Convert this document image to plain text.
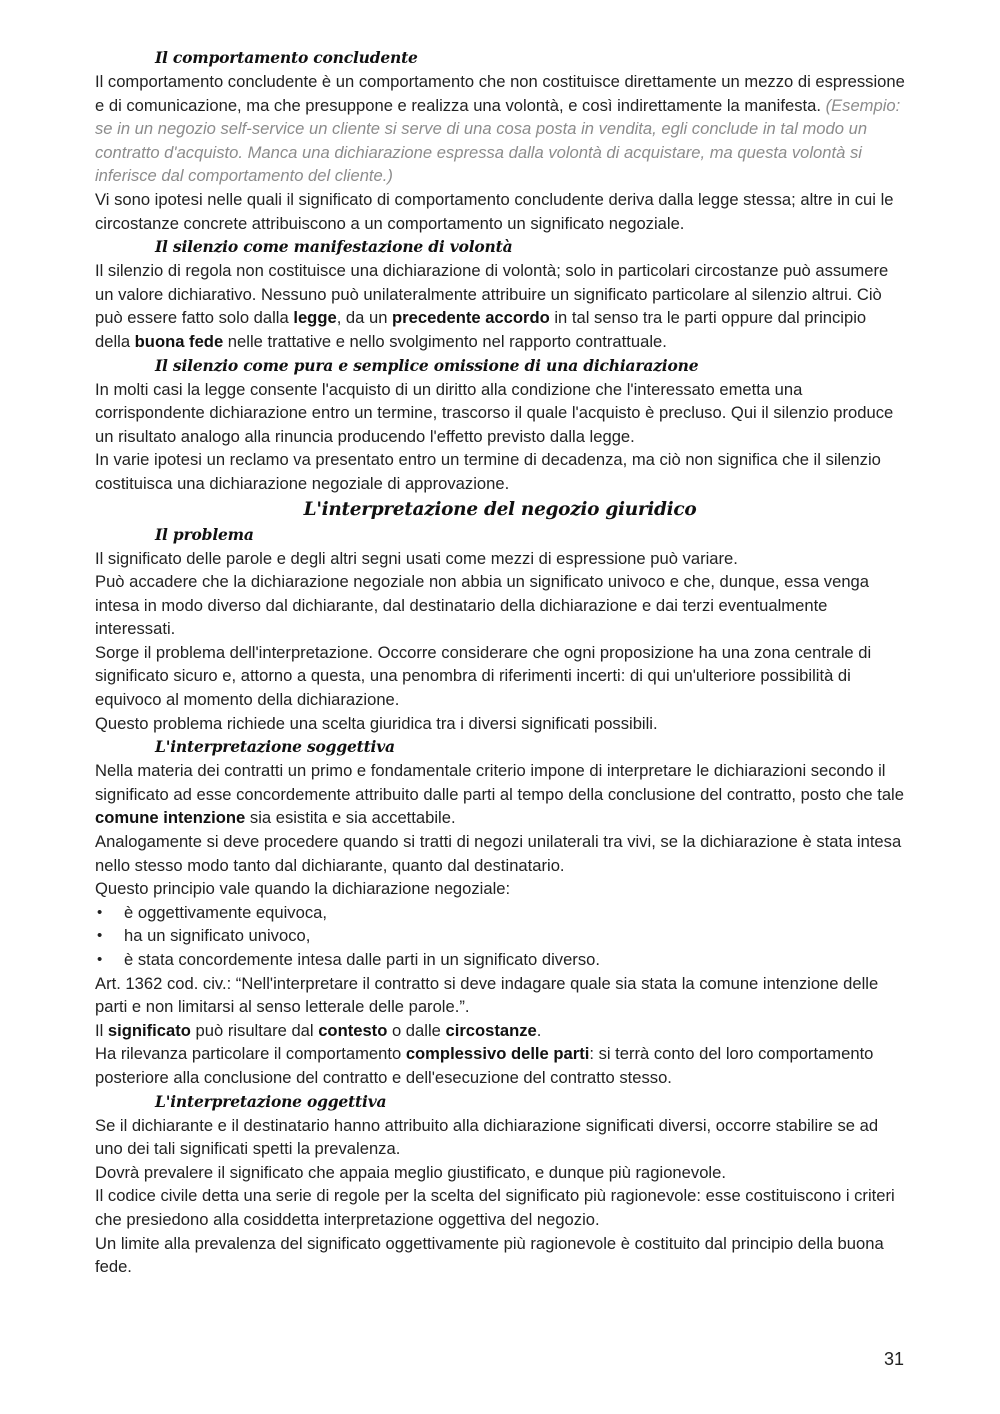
Il comportamento concludente

Il comportamento concludente è un comportamento che non costituisce direttamente un mezzo di espressione e di comunicazione, ma che presuppone e realizza una volontà, e così indirettamente la manifesta. (Esempio: se in un negozio self-service un cliente si serve di una cosa posta in vendita, egli conclude in tal modo un contratto d'acquisto. Manca una dichiarazione espressa dalla volontà di acquistare, ma questa volontà si inferisce dal comportamento del cliente.)

Vi sono ipotesi nelle quali il significato di comportamento concludente deriva dalla legge stessa; altre in cui le circostanze concrete attribuiscono a un comportamento un significato negoziale.

Il silenzio come manifestazione di volontà

Il silenzio di regola non costituisce una dichiarazione di volontà; solo in particolari circostanze può assumere un valore dichiarativo. Nessuno può unilateralmente attribuire un significato particolare al silenzio altrui. Ciò può essere fatto solo dalla legge, da un precedente accordo in tal senso tra le parti oppure dal principio della buona fede nelle trattative e nello svolgimento nel rapporto contrattuale.

Il silenzio come pura e semplice omissione di una dichiarazione

In molti casi la legge consente l'acquisto di un diritto alla condizione che l'interessato emetta una corrispondente dichiarazione entro un termine, trascorso il quale l'acquisto è precluso. Qui il silenzio produce un risultato analogo alla rinuncia producendo l'effetto previsto dalla legge.

In varie ipotesi un reclamo va presentato entro un termine di decadenza, ma ciò non significa che il silenzio costituisca una dichiarazione negoziale di approvazione.

L'interpretazione del negozio giuridico
Il problema

Il significato delle parole e degli altri segni usati come mezzi di espressione può variare.

Può accadere che la dichiarazione negoziale non abbia un significato univoco e che, dunque, essa venga intesa in modo diverso dal dichiarante, dal destinatario della dichiarazione e dai terzi eventualmente interessati.

Sorge il problema dell'interpretazione. Occorre considerare che ogni proposizione ha una zona centrale di significato sicuro e, attorno a questa, una penombra di riferimenti incerti: di qui un'ulteriore possibilità di equivoco al momento della dichiarazione.

Questo problema richiede una scelta giuridica tra i diversi significati possibili.

L'interpretazione soggettiva

Nella materia dei contratti un primo e fondamentale criterio impone di interpretare le dichiarazioni secondo il significato ad esse concordemente attribuito dalle parti al tempo della conclusione del contratto, posto che tale comune intenzione sia esistita e sia accettabile.

Analogamente si deve procedere quando si tratti di negozi unilaterali tra vivi, se la dichiarazione è stata intesa nello stesso modo tanto dal dichiarante, quanto dal destinatario.

Questo principio vale quando la dichiarazione negoziale:

• è oggettivamente equivoca,
• ha un significato univoco,
• è stata concordemente intesa dalle parti in un significato diverso.

Art. 1362 cod. civ.: “Nell'interpretare il contratto si deve indagare quale sia stata la comune intenzione delle parti e non limitarsi al senso letterale delle parole.”.

Il significato può risultare dal contesto o dalle circostanze.

Ha rilevanza particolare il comportamento complessivo delle parti: si terrà conto del loro comportamento posteriore alla conclusione del contratto e dell'esecuzione del contratto stesso.

L'interpretazione oggettiva

Se il dichiarante e il destinatario hanno attribuito alla dichiarazione significati diversi, occorre stabilire se ad uno dei tali significati spetti la prevalenza.

Dovrà prevalere il significato che appaia meglio giustificato, e dunque più ragionevole.

Il codice civile detta una serie di regole per la scelta del significato più ragionevole: esse costituiscono i criteri che presiedono alla cosiddetta interpretazione oggettiva del negozio.

Un limite alla prevalenza del significato oggettivamente più ragionevole è costituito dal principio della buona fede.

31
